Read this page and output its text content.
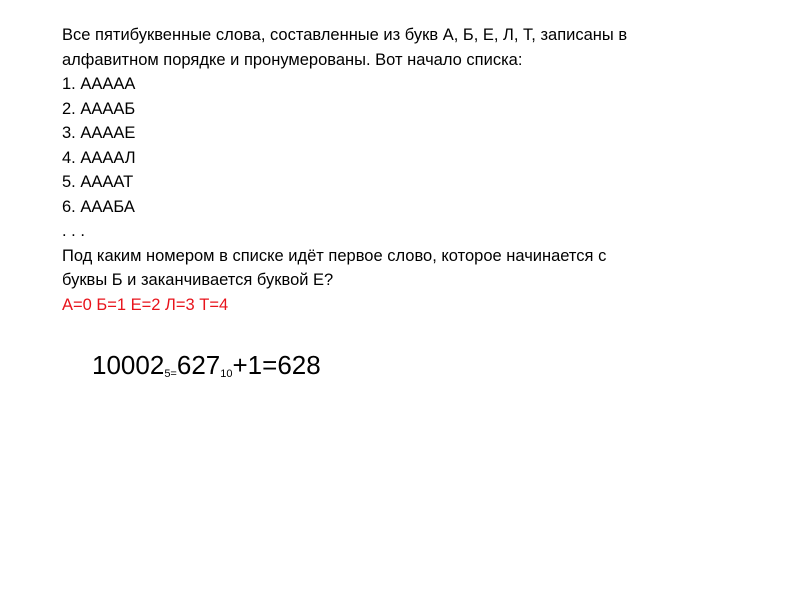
Все пятибуквенные слова, составленные из букв А, Б, Е, Л, Т, записаны в
алфавитном порядке и пронумерованы. Вот начало списка:
1. ААААА
2. ААААБ
3. ААААЕ
4. ААААЛ
5. ААААТ
6. АААБА
. . .
Под каким номером в списке идёт первое слово, которое начинается с
буквы Б и заканчивается буквой Е?
А=0 Б=1 Е=2 Л=3 Т=4
$10002_{5=}627_{10}+1=628$
